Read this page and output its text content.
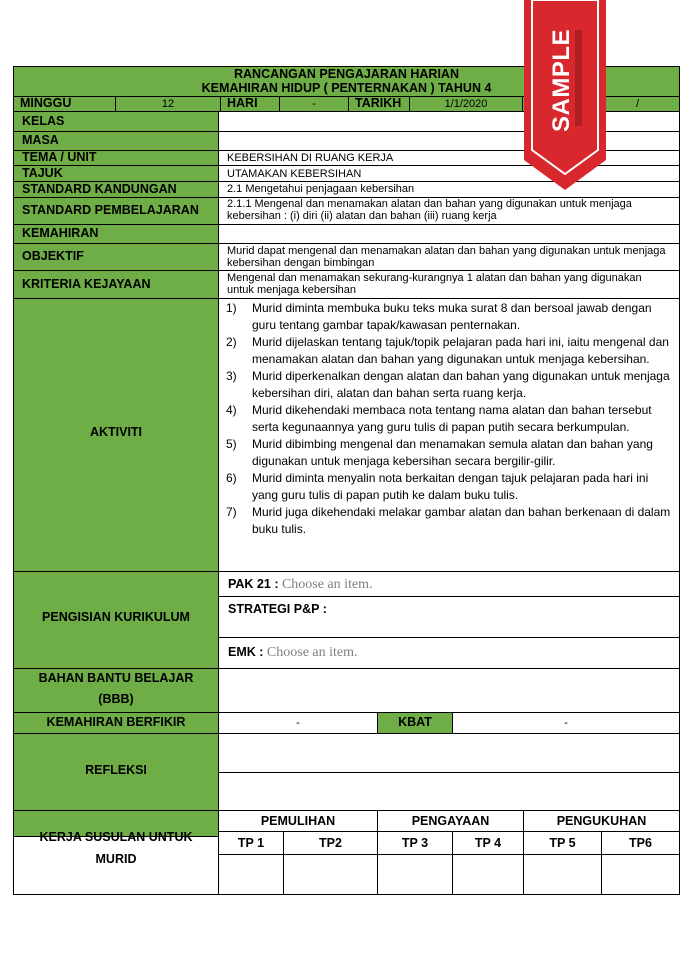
RANCANGAN PENGAJARAN HARIAN
KEMAHIRAN HIDUP ( PENTERNAKAN ) TAHUN 4
MINGGU	12	HARI	-	TARIKH	1/1/2020	/
KELAS
MASA
TEMA / UNIT	KEBERSIHAN DI RUANG KERJA
TAJUK	UTAMAKAN KEBERSIHAN
STANDARD KANDUNGAN	2.1 Mengetahui penjagaan kebersihan
STANDARD PEMBELAJARAN	2.1.1 Mengenal dan menamakan alatan dan bahan yang digunakan untuk menjaga kebersihan : (i) diri (ii) alatan dan bahan (iii) ruang kerja
KEMAHIRAN
OBJEKTIF	Murid dapat mengenal dan menamakan alatan dan bahan yang digunakan untuk menjaga kebersihan dengan bimbingan
KRITERIA KEJAYAAN	Mengenal dan menamakan sekurang-kurangnya 1 alatan dan bahan yang digunakan untuk menjaga kebersihan
AKTIVITI
1)	Murid diminta membuka buku teks muka surat 8 dan bersoal jawab dengan guru tentang gambar tapak/kawasan penternakan.
2)	Murid dijelaskan tentang tajuk/topik pelajaran pada hari ini, iaitu mengenal dan menamakan alatan dan bahan yang digunakan untuk menjaga kebersihan.
3)	Murid diperkenalkan dengan alatan dan bahan yang digunakan untuk menjaga kebersihan diri, alatan dan bahan serta ruang kerja.
4)	Murid dikehendaki membaca nota tentang nama alatan dan bahan tersebut serta kegunaannya yang guru tulis di papan putih secara berkumpulan.
5)	Murid dibimbing mengenal dan menamakan semula alatan dan bahan yang digunakan untuk menjaga kebersihan secara bergilir-gilir.
6)	Murid diminta menyalin nota berkaitan dengan tajuk pelajaran pada hari ini yang guru tulis di papan putih ke dalam buku tulis.
7)	Murid juga dikehendaki melakar gambar alatan dan bahan berkenaan di dalam buku tulis.
PENGISIAN KURIKULUM
PAK 21 : Choose an item.
STRATEGI P&P :
EMK : Choose an item.
BAHAN BANTU BELAJAR
(BBB)
KEMAHIRAN BERFIKIR	-	KBAT	-
REFLEKSI
KERJA SUSULAN UNTUK
MURID
PEMULIHAN	PENGAYAAN	PENGUKUHAN
TP 1	TP2	TP 3	TP 4	TP 5	TP6
SAMPLE
